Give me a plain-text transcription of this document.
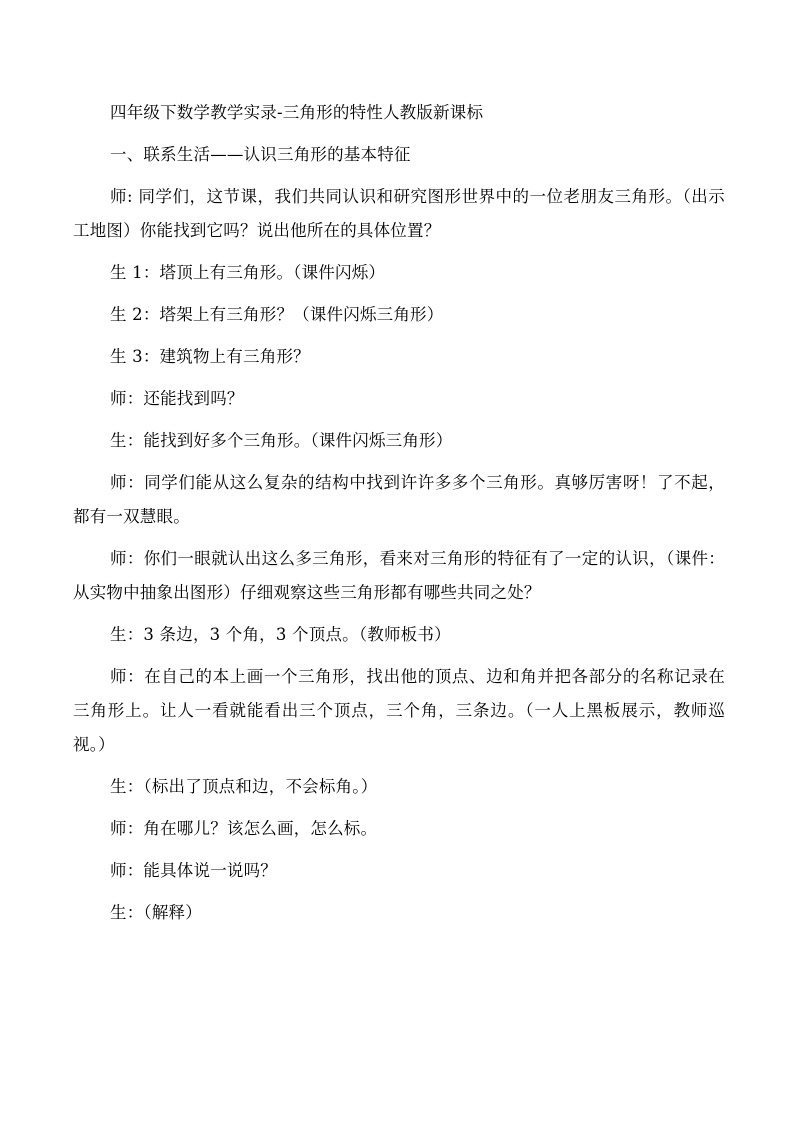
四年级下数学教学实录-三角形的特性人教版新课标

一、联系生活——认识三角形的基本特征

师: 同学们，这节课，我们共同认识和研究图形世界中的一位老朋友三角形。（出示工地图）你能找到它吗？说出他所在的具体位置？

生 1：塔顶上有三角形。（课件闪烁）

生 2：塔架上有三角形？（课件闪烁三角形）

生 3：建筑物上有三角形？

师：还能找到吗？

生：能找到好多个三角形。（课件闪烁三角形）

师：同学们能从这么复杂的结构中找到许许多多个三角形。真够厉害呀！了不起，都有一双慧眼。

师：你们一眼就认出这么多三角形，看来对三角形的特征有了一定的认识，（课件：从实物中抽象出图形）仔细观察这些三角形都有哪些共同之处？

生：3 条边，3 个角，3 个顶点。（教师板书）

师：在自己的本上画一个三角形，找出他的顶点、边和角并把各部分的名称记录在三角形上。让人一看就能看出三个顶点，三个角，三条边。（一人上黑板展示，教师巡视。）

生：（标出了顶点和边，不会标角。）

师：角在哪儿？该怎么画，怎么标。

师：能具体说一说吗？

生：（解释）
